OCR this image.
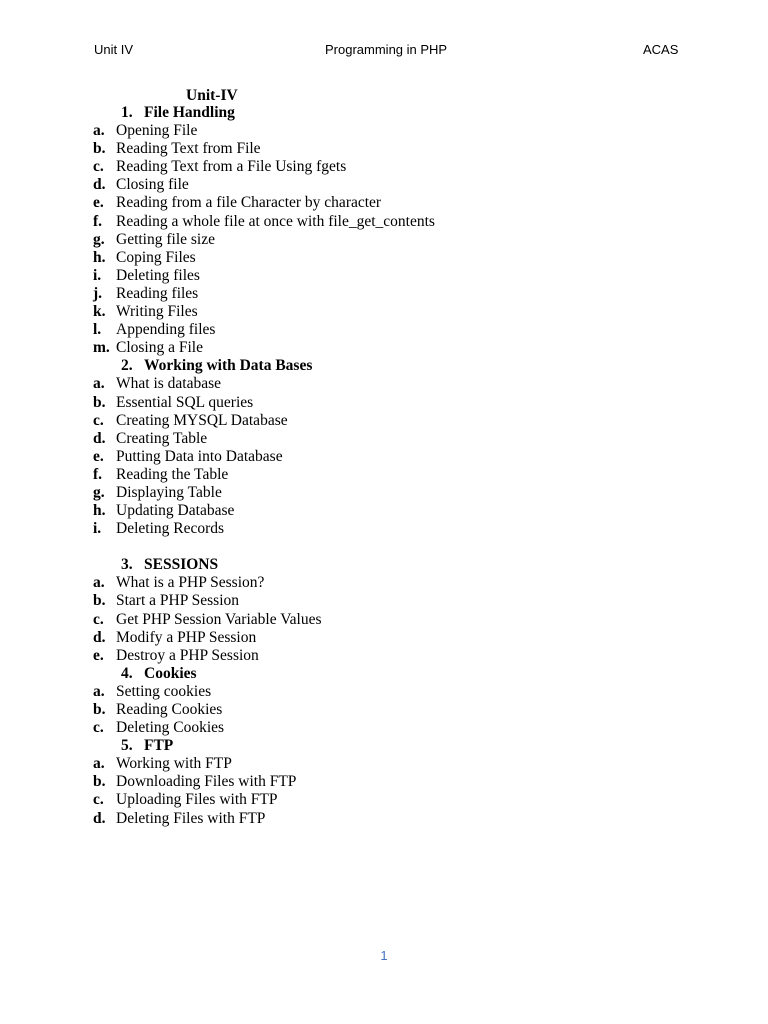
Unit IV	Programming in PHP	ACAS
Unit-IV
1. File Handling
a. Opening File
b. Reading Text from File
c. Reading Text from a File Using fgets
d. Closing file
e. Reading from a file Character by character
f. Reading a whole file at once with file_get_contents
g. Getting file size
h. Coping Files
i. Deleting files
j. Reading files
k. Writing Files
l. Appending files
m. Closing a File
2. Working with Data Bases
a. What is database
b. Essential SQL queries
c. Creating MYSQL Database
d. Creating Table
e. Putting Data into Database
f. Reading the Table
g. Displaying Table
h. Updating Database
i. Deleting Records
3. SESSIONS
a. What is a PHP Session?
b. Start a PHP Session
c. Get PHP Session Variable Values
d. Modify a PHP Session
e. Destroy a PHP Session
4. Cookies
a. Setting cookies
b. Reading Cookies
c. Deleting Cookies
5. FTP
a. Working with FTP
b. Downloading Files with FTP
c. Uploading Files with FTP
d. Deleting Files with FTP
1
